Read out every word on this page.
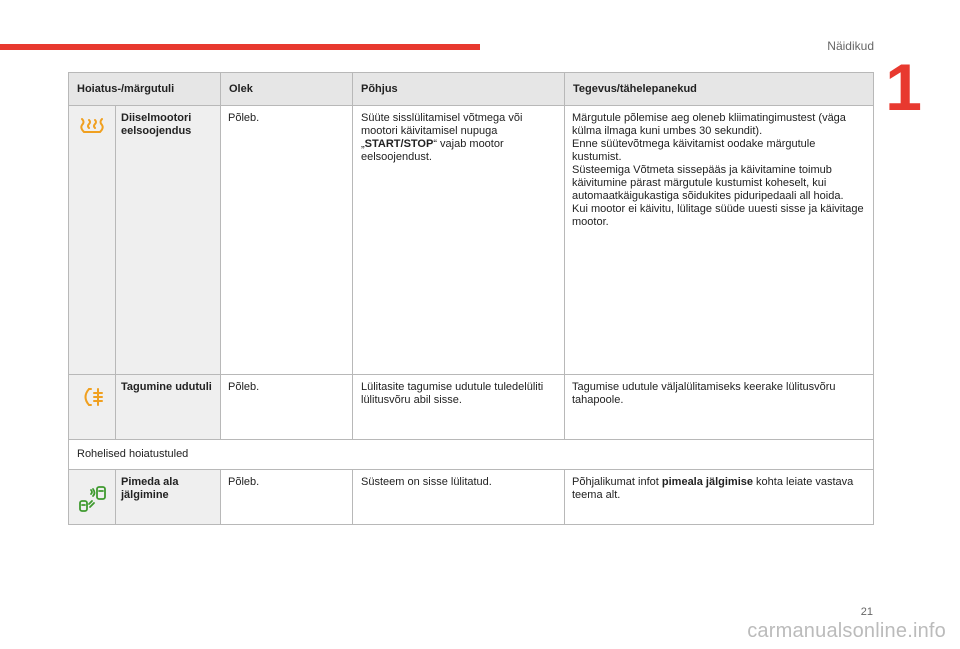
Näidikud
1
Hoiatus-/märgutuli		Olek	Põhjus	Tegevus/tähelepanekud

	Diiselmootori eelsoojendus	Põleb.	Süüte sisslülitamisel võtmega või mootori käivitamisel nupuga „START/STOP“ vajab mootor eelsoojendust.	Märgutule põlemise aeg oleneb kliimatingimustest (väga külma ilmaga kuni umbes 30 sekundit).
Enne süütevõtmega käivitamist oodake märgutule kustumist.
Süsteemiga Võtmeta sissepääs ja käivitamine toimub käivitumine pärast märgutule kustumist koheselt, kui automaatkäigukastiga sõidukites piduripedaali all hoida.
Kui mootor ei käivitu, lülitage süüde uuesti sisse ja käivitage mootor.

	Tagumine udutuli	Põleb.	Lülitasite tagumise udutule tuledelüliti lülitusvõru abil sisse.	Tagumise udutule väljalülitamiseks keerake lülitusvõru tahapoole.
Rohelised hoiatustuled				

	Pimeda ala jälgimine	Põleb.	Süsteem on sisse lülitatud.	Põhjalikumat infot pimeala jälgimise kohta leiate vastava teema alt.
21
carmanualsonline.info
